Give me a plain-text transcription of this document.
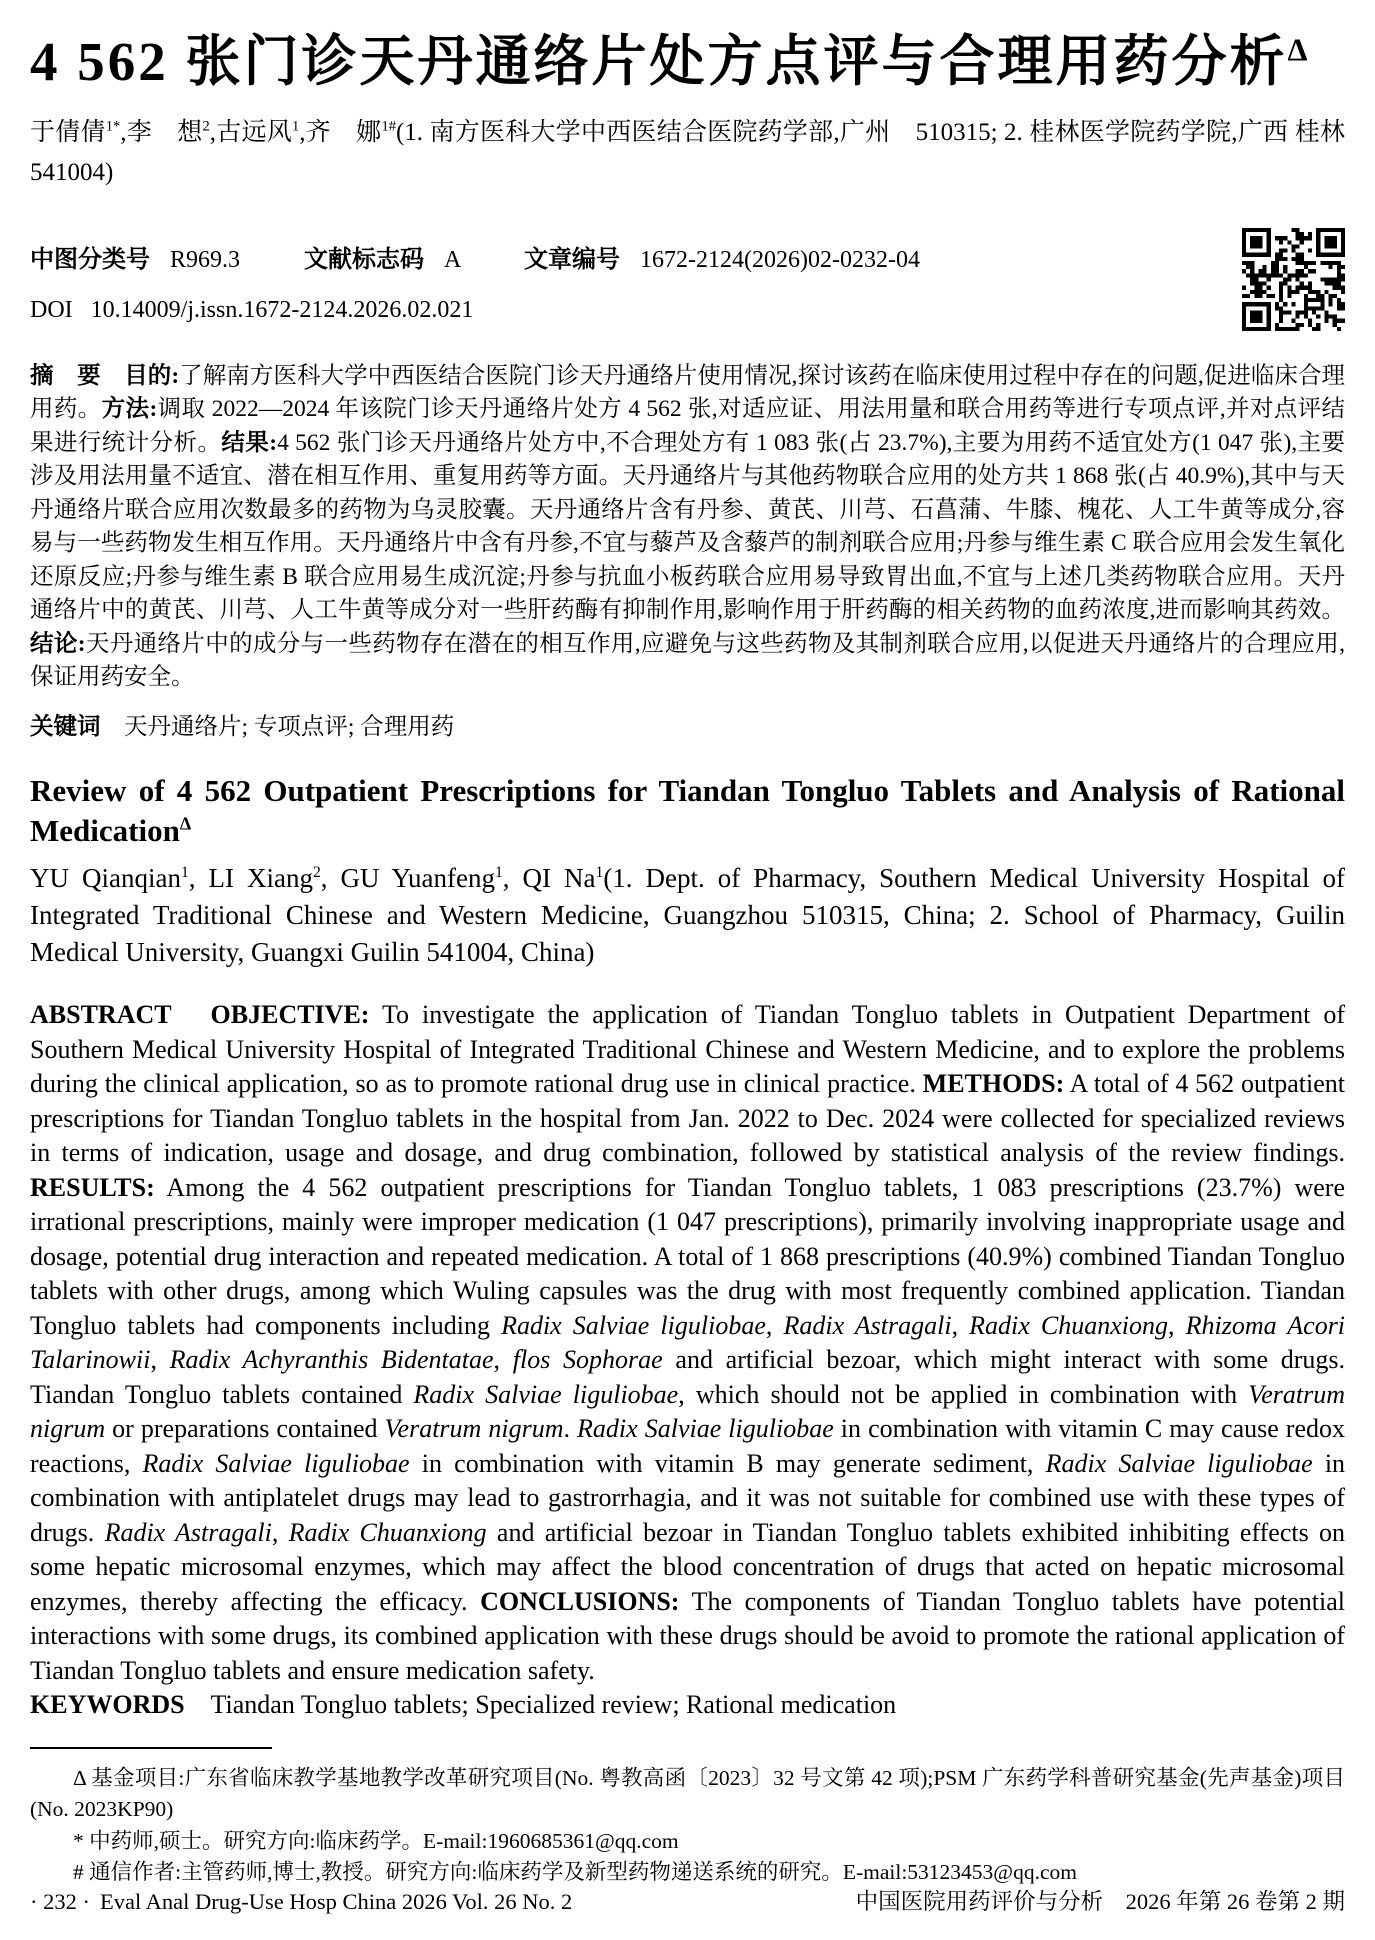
4 562 张门诊天丹通络片处方点评与合理用药分析$^\Delta$

于倩倩$^{1*}$,李　想$^2$,古远风$^1$,齐　娜$^{1\#}$(1. 南方医科大学中西医结合医院药学部,广州　510315; 2. 桂林医学院药学院,广西 桂林　541004)

中图分类号 R969.3	文献标志码 A	文章编号 1672-2124(2026)02-0232-04
DOI 10.14009/j.issn.1672-2124.2026.02.021

摘　要　 目的:了解南方医科大学中西医结合医院门诊天丹通络片使用情况,探讨该药在临床使用过程中存在的问题,促进临床合理用药。方法:调取 2022—2024 年该院门诊天丹通络片处方 4 562 张,对适应证、用法用量和联合用药等进行专项点评,并对点评结果进行统计分析。结果:4 562 张门诊天丹通络片处方中,不合理处方有 1 083 张(占 23.7%),主要为用药不适宜处方(1 047 张),主要涉及用法用量不适宜、潜在相互作用、重复用药等方面。天丹通络片与其他药物联合应用的处方共 1 868 张(占 40.9%),其中与天丹通络片联合应用次数最多的药物为乌灵胶囊。天丹通络片含有丹参、黄芪、川芎、石菖蒲、牛膝、槐花、人工牛黄等成分,容易与一些药物发生相互作用。天丹通络片中含有丹参,不宜与藜芦及含藜芦的制剂联合应用;丹参与维生素 C 联合应用会发生氧化还原反应;丹参与维生素 B 联合应用易生成沉淀;丹参与抗血小板药联合应用易导致胃出血,不宜与上述几类药物联合应用。天丹通络片中的黄芪、川芎、人工牛黄等成分对一些肝药酶有抑制作用,影响作用于肝药酶的相关药物的血药浓度,进而影响其药效。结论:天丹通络片中的成分与一些药物存在潜在的相互作用,应避免与这些药物及其制剂联合应用,以促进天丹通络片的合理应用,保证用药安全。

关键词　天丹通络片; 专项点评; 合理用药

Review of 4 562 Outpatient Prescriptions for Tiandan Tongluo Tablets and Analysis of Rational Medication$^\Delta$

YU Qianqian$^1$, LI Xiang$^2$, GU Yuanfeng$^1$, QI Na$^1$(1. Dept. of Pharmacy, Southern Medical University Hospital of Integrated Traditional Chinese and Western Medicine, Guangzhou 510315, China; 2. School of Pharmacy, Guilin Medical University, Guangxi Guilin 541004, China)

ABSTRACT　 OBJECTIVE: To investigate the application of Tiandan Tongluo tablets in Outpatient Department of Southern Medical University Hospital of Integrated Traditional Chinese and Western Medicine, and to explore the problems during the clinical application, so as to promote rational drug use in clinical practice. METHODS: A total of 4 562 outpatient prescriptions for Tiandan Tongluo tablets in the hospital from Jan. 2022 to Dec. 2024 were collected for specialized reviews in terms of indication, usage and dosage, and drug combination, followed by statistical analysis of the review findings. RESULTS: Among the 4 562 outpatient prescriptions for Tiandan Tongluo tablets, 1 083 prescriptions (23.7%) were irrational prescriptions, mainly were improper medication (1 047 prescriptions), primarily involving inappropriate usage and dosage, potential drug interaction and repeated medication. A total of 1 868 prescriptions (40.9%) combined Tiandan Tongluo tablets with other drugs, among which Wuling capsules was the drug with most frequently combined application. Tiandan Tongluo tablets had components including Radix Salviae liguliobae, Radix Astragali, Radix Chuanxiong, Rhizoma Acori Talarinowii, Radix Achyranthis Bidentatae, flos Sophorae and artificial bezoar, which might interact with some drugs. Tiandan Tongluo tablets contained Radix Salviae liguliobae, which should not be applied in combination with Veratrum nigrum or preparations contained Veratrum nigrum. Radix Salviae liguliobae in combination with vitamin C may cause redox reactions, Radix Salviae liguliobae in combination with vitamin B may generate sediment, Radix Salviae liguliobae in combination with antiplatelet drugs may lead to gastrorrhagia, and it was not suitable for combined use with these types of drugs. Radix Astragali, Radix Chuanxiong and artificial bezoar in Tiandan Tongluo tablets exhibited inhibiting effects on some hepatic microsomal enzymes, which may affect the blood concentration of drugs that acted on hepatic microsomal enzymes, thereby affecting the efficacy. CONCLUSIONS: The components of Tiandan Tongluo tablets have potential interactions with some drugs, its combined application with these drugs should be avoid to promote the rational application of Tiandan Tongluo tablets and ensure medication safety.

KEYWORDS　Tiandan Tongluo tablets; Specialized review; Rational medication

Δ 基金项目:广东省临床教学基地教学改革研究项目(No. 粤教高函〔2023〕32 号文第 42 项);PSM 广东药学科普研究基金(先声基金)项目(No. 2023KP90)

* 中药师,硕士。研究方向:临床药学。E-mail:1960685361@qq.com

# 通信作者:主管药师,博士,教授。研究方向:临床药学及新型药物递送系统的研究。E-mail:53123453@qq.com

· 232 · Eval Anal Drug-Use Hosp China 2026 Vol. 26 No. 2	中国医院用药评价与分析　2026 年第 26 卷第 2 期
